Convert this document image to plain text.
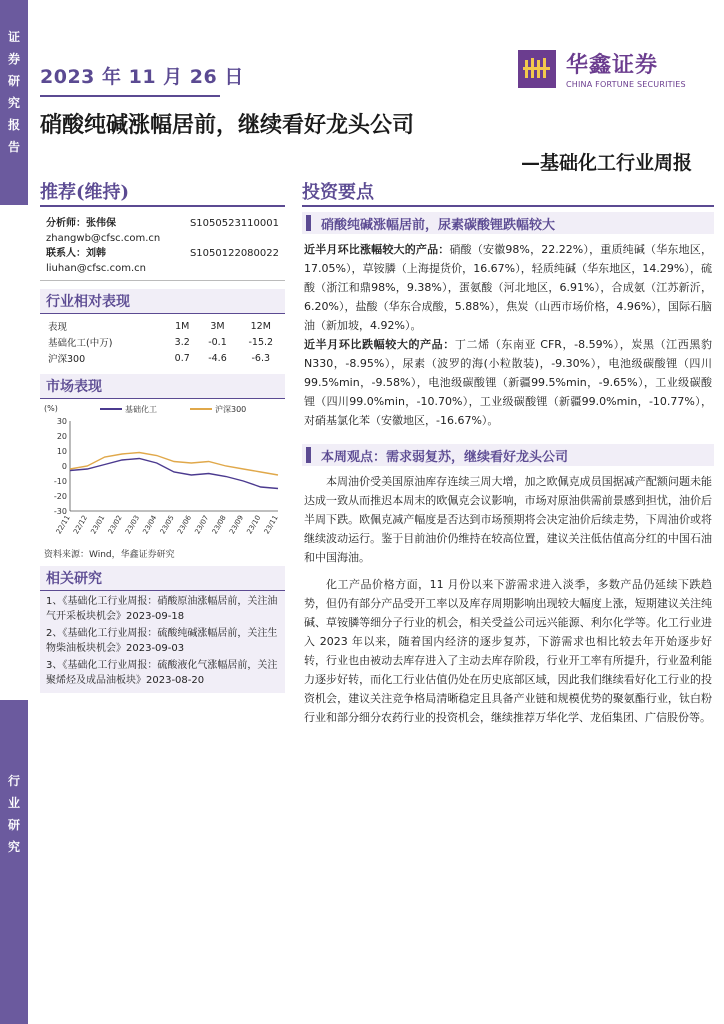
证
券
研
究
报
告
行
业
研
究
2023 年 11 月 26 日	华鑫证券
CHINA FORTUNE SECURITIES
硝酸纯碱涨幅居前，继续看好龙头公司
—基础化工行业周报
推荐(维持)	投资要点
分析师：张伟保	S1050523110001
zhangwb@cfsc.com.cn
联系人：刘韩	S1050122080022
liuhan@cfsc.com.cn
行业相对表现
表现	1M	3M	12M
基础化工(中万)	3.2	-0.1	-15.2
沪深300	0.7	-4.6	-6.3
市场表现
(%)
30
20
10
0
-10
-20
-30
22/11 22/12 23/01 23/02 23/03 23/04 23/05 23/06 23/07 23/08 23/09 23/10 23/11
基础化工	沪深300
资料来源：Wind，华鑫证券研究
相关研究
1、《基础化工行业周报：硝酸原油涨幅居前，关注油气开采板块机会》2023-09-18
2、《基础化工行业周报：硫酸纯碱涨幅居前，关注生物柴油板块机会》2023-09-03
3、《基础化工行业周报：硫酸液化气涨幅居前，关注聚烯烃及成品油板块》2023-08-20
硝酸纯碱涨幅居前，尿素碳酸锂跌幅较大
近半月环比涨幅较大的产品：硝酸（安徽98%，22.22%），重质纯碱（华东地区，17.05%），草铵膦（上海提货价，16.67%），轻质纯碱（华东地区，14.29%），硫酸（浙江和鼎98%，9.38%），蛋氨酸（河北地区，6.91%），合成氨（江苏新沂，6.20%），盐酸（华东合成酸，5.88%），焦炭（山西市场价格，4.96%），国际石脑油（新加坡，4.92%）。
近半月环比跌幅较大的产品：丁二烯（东南亚 CFR，-8.59%），炭黑（江西黑豹N330，-8.95%），尿素（波罗的海(小粒散装)，-9.30%），电池级碳酸锂（四川99.5%min，-9.58%），电池级碳酸锂（新疆99.5%min，-9.65%），工业级碳酸锂（四川99.0%min，-10.70%），工业级碳酸锂（新疆99.0%min，-10.77%），对硝基氯化苯（安徽地区，-16.67%）。
本周观点：需求弱复苏，继续看好龙头公司
本周油价受美国原油库存连续三周大增，加之欧佩克成员国据减产配额问题未能达成一致从而推迟本周末的欧佩克会议影响，市场对原油供需前景感到担忧，油价后半周下跌。欧佩克减产幅度是否达到市场预期将会决定油价后续走势，下周油价或将继续波动运行。鉴于目前油价仍维持在较高位置，建议关注低估值高分红的中国石油和中国海油。
化工产品价格方面，11 月份以来下游需求进入淡季，多数产品仍延续下跌趋势，但仍有部分产品受开工率以及库存周期影响出现较大幅度上涨，短期建议关注纯碱、草铵膦等细分子行业的机会，相关受益公司远兴能源、利尔化学等。化工行业进入 2023 年以来，随着国内经济的逐步复苏，下游需求也相比较去年开始逐步好转，行业也由被动去库存进入了主动去库存阶段，行业开工率有所提升，行业盈利能力逐步好转，而化工行业估值仍处在历史底部区域，因此我们继续看好化工行业的投资机会，建议关注竞争格局清晰稳定且具备产业链和规模优势的聚氨酯行业，钛白粉行业和部分细分农药行业的投资机会，继续推荐万华化学、龙佰集团、广信股份等。
